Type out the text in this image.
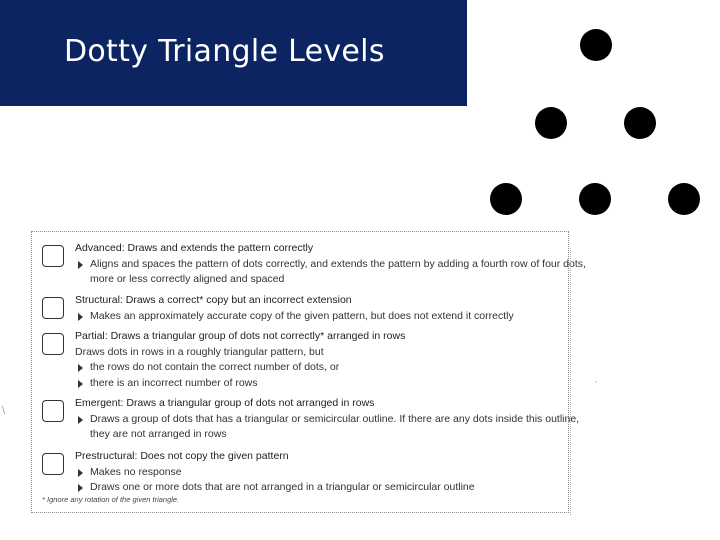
Dotty Triangle Levels
\
·
Advanced: Draws and extends the pattern correctly
Aligns and spaces the pattern of dots correctly, and extends the pattern by adding a fourth row of four dots,
more or less correctly aligned and spaced
Structural: Draws a correct* copy but an incorrect extension
Makes an approximately accurate copy of the given pattern, but does not extend it correctly
Partial: Draws a triangular group of dots not correctly* arranged in rows
Draws dots in rows in a roughly triangular pattern, but
the rows do not contain the correct number of dots, or
there is an incorrect number of rows
Emergent: Draws a triangular group of dots not arranged in rows
Draws a group of dots that has a triangular or semicircular outline. If there are any dots inside this outline,
they are not arranged in rows
Prestructural: Does not copy the given pattern
Makes no response
Draws one or more dots that are not arranged in a triangular or semicircular outline
* Ignore any rotation of the given triangle.
